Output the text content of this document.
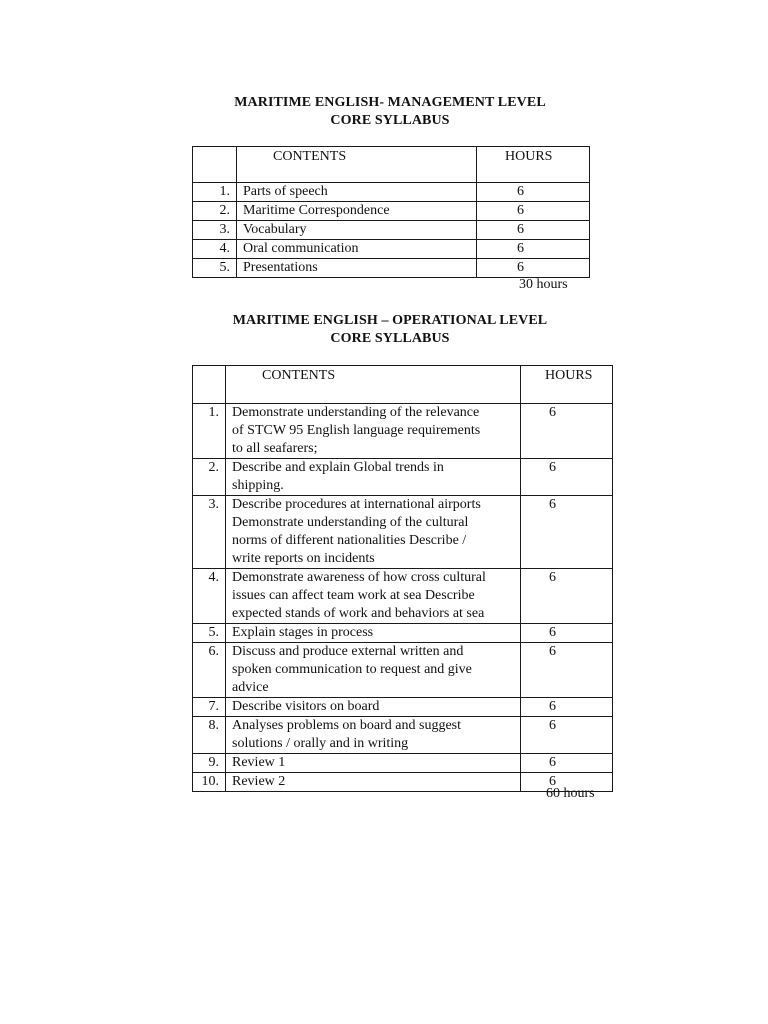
MARITIME ENGLISH- MANAGEMENT LEVEL
CORE SYLLABUS
	CONTENTS	HOURS
1.	Parts of speech	6
2.	Maritime Correspondence	6
3.	Vocabulary	6
4.	Oral communication	6
5.	Presentations	6
30 hours
MARITIME ENGLISH – OPERATIONAL LEVEL
CORE SYLLABUS
	CONTENTS	HOURS
1.	Demonstrate understanding of the relevance
of STCW 95 English language requirements
to all seafarers;	6
2.	Describe and explain Global trends in
shipping.	6
3.	Describe procedures at international airports
Demonstrate understanding of the cultural
norms of different nationalities Describe /
write reports on incidents	6
4.	Demonstrate awareness of how cross cultural
issues can affect team work at sea Describe
expected stands of work and behaviors at sea	6
5.	Explain stages in process	6
6.	Discuss and produce external written and
spoken communication to request and give
advice	6
7.	Describe visitors on board	6
8.	Analyses problems on board and suggest
solutions / orally and in writing	6
9.	Review 1	6
10.	Review 2	6
60 hours
